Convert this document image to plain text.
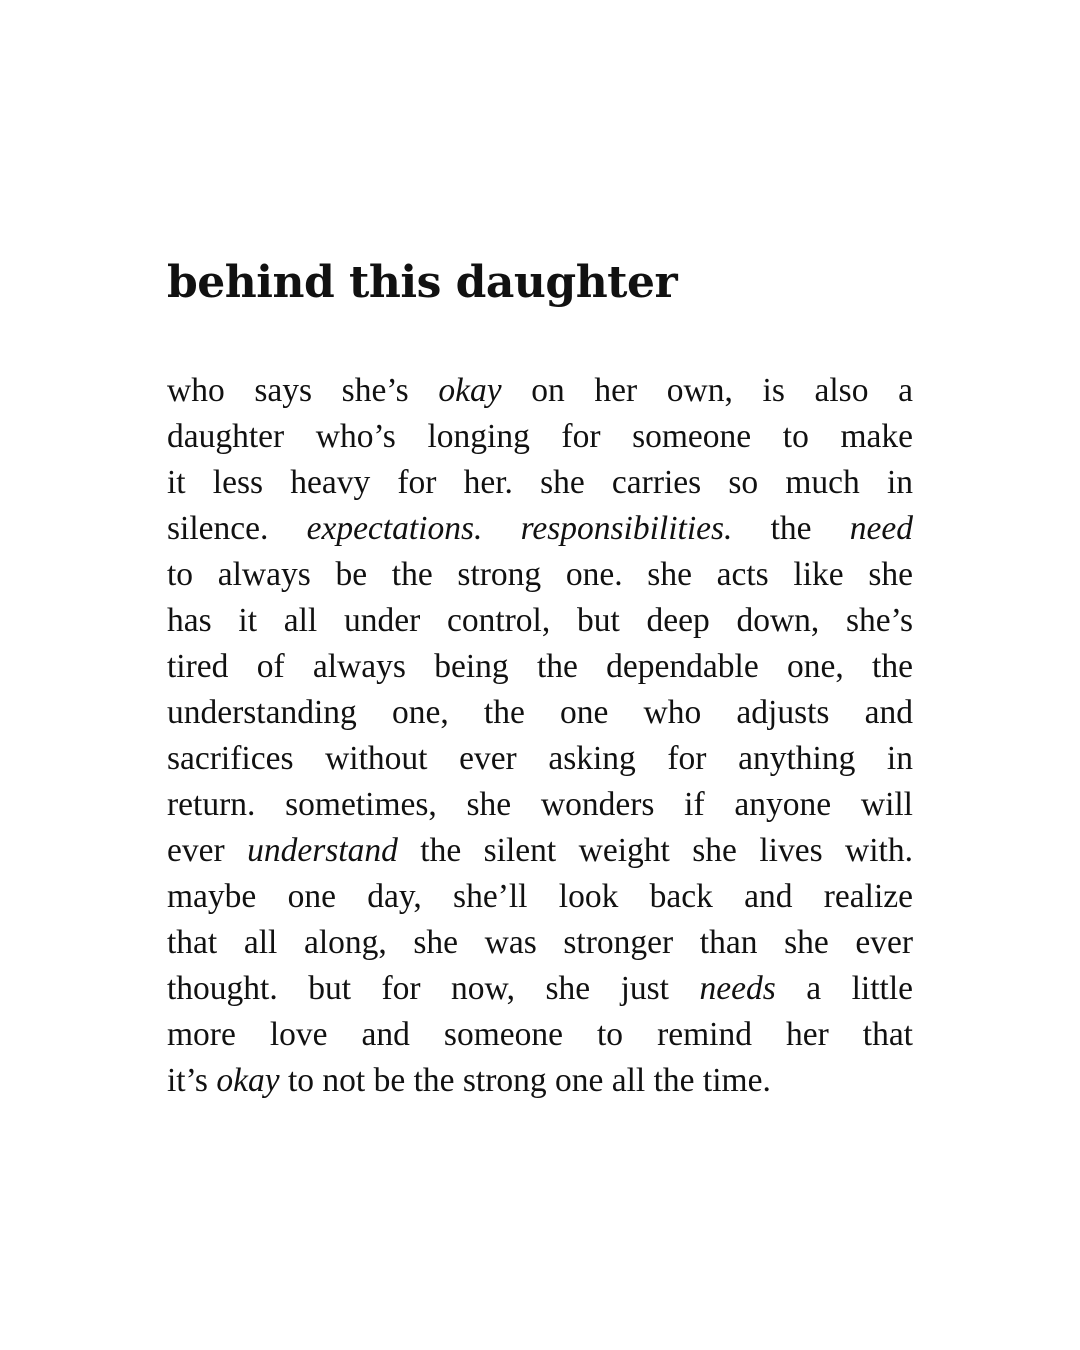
behind this daughter
who says she’s okay on her own, is also a
daughter who’s longing for someone to make
it less heavy for her. she carries so much in
silence. expectations. responsibilities. the need
to always be the strong one. she acts like she
has it all under control, but deep down, she’s
tired of always being the dependable one, the
understanding one, the one who adjusts and
sacrifices without ever asking for anything in
return. sometimes, she wonders if anyone will
ever understand the silent weight she lives with.
maybe one day, she’ll look back and realize
that all along, she was stronger than she ever
thought. but for now, she just needs a little
more love and someone to remind her that
it’s okay to not be the strong one all the time.
